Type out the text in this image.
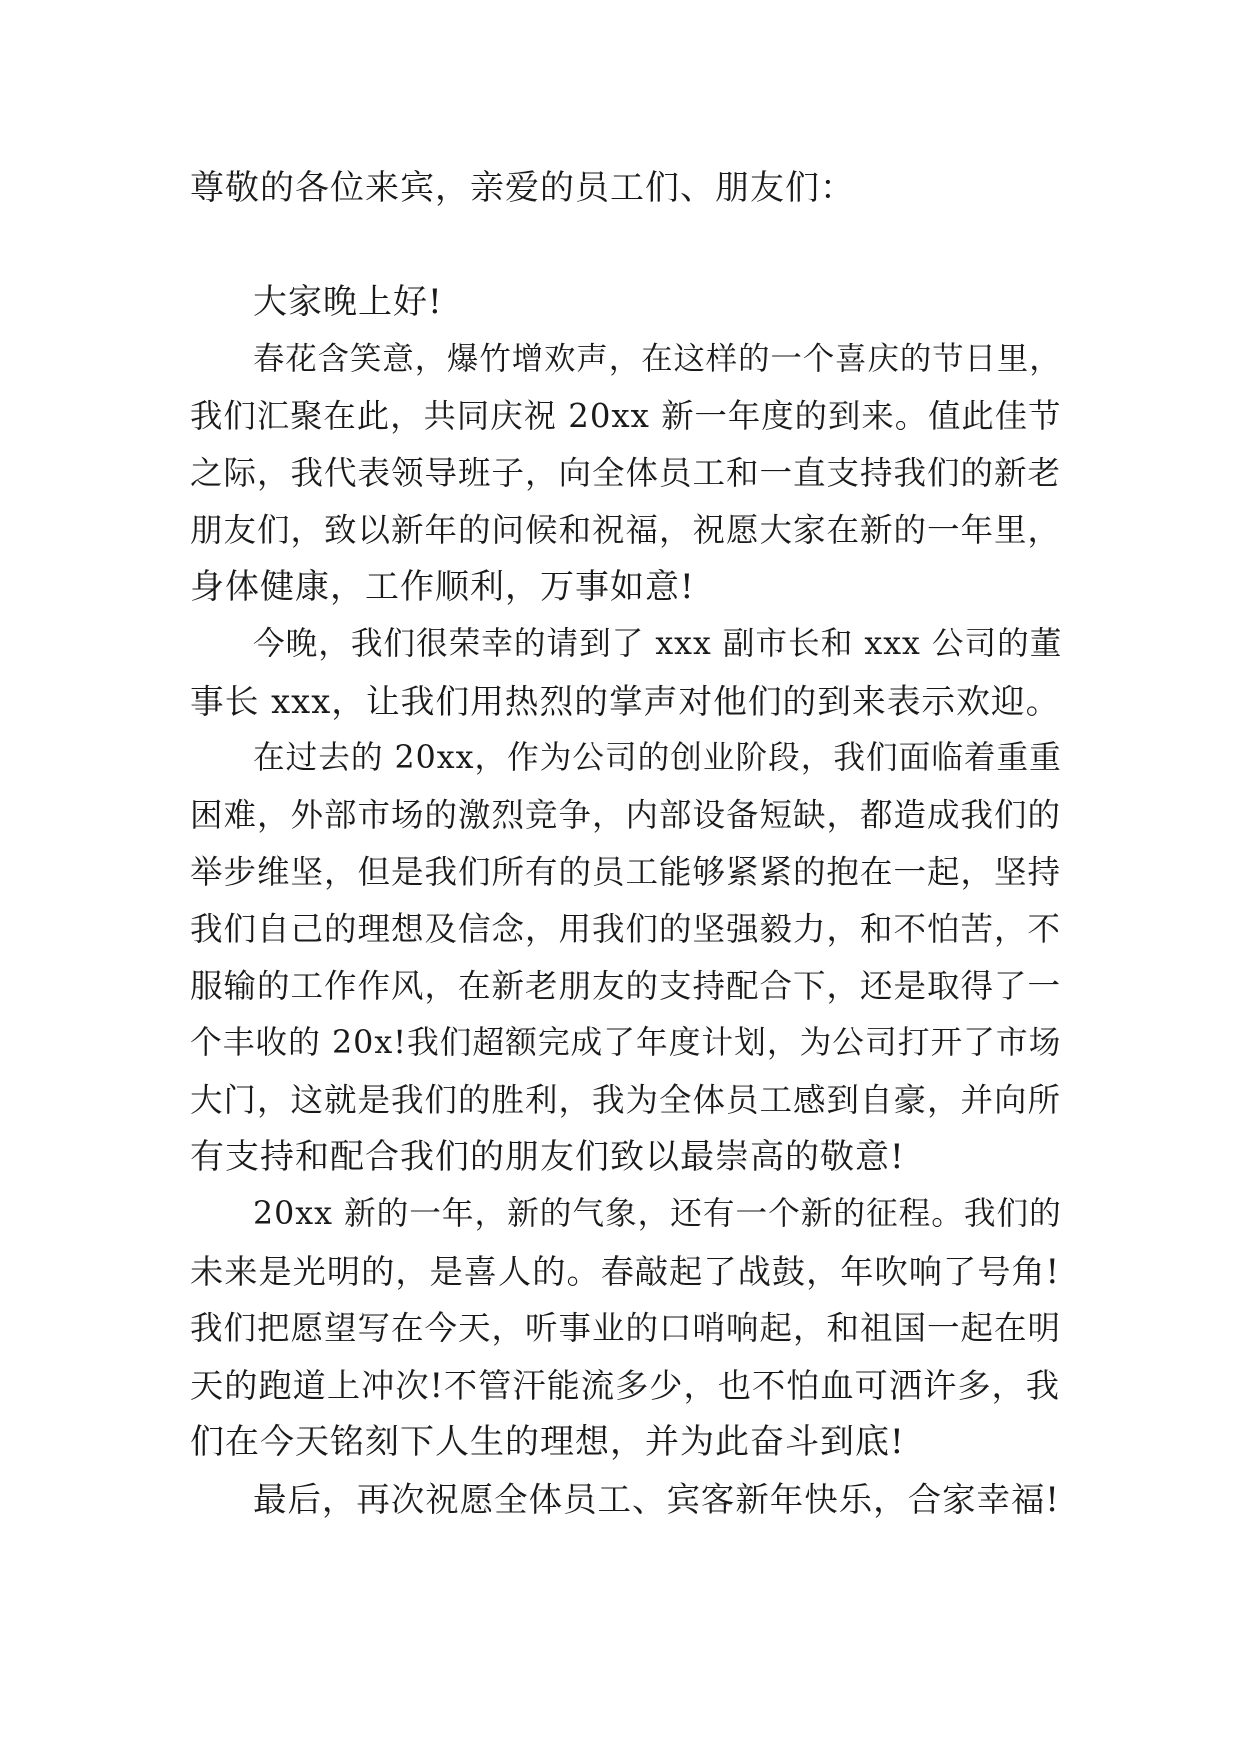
尊敬的各位来宾，亲爱的员工们、朋友们：
大家晚上好!
春花含笑意，爆竹增欢声，在这样的一个喜庆的节日里，
我们汇聚在此，共同庆祝 20xx 新一年度的到来。值此佳节
之际，我代表领导班子，向全体员工和一直支持我们的新老
朋友们，致以新年的问候和祝福，祝愿大家在新的一年里，
身体健康，工作顺利，万事如意!
今晚，我们很荣幸的请到了 xxx 副市长和 xxx 公司的董
事长 xxx，让我们用热烈的掌声对他们的到来表示欢迎。
在过去的 20xx，作为公司的创业阶段，我们面临着重重
困难，外部市场的激烈竞争，内部设备短缺，都造成我们的
举步维坚，但是我们所有的员工能够紧紧的抱在一起，坚持
我们自己的理想及信念，用我们的坚强毅力，和不怕苦，不
服输的工作作风，在新老朋友的支持配合下，还是取得了一
个丰收的 20x!我们超额完成了年度计划，为公司打开了市场
大门，这就是我们的胜利，我为全体员工感到自豪，并向所
有支持和配合我们的朋友们致以最崇高的敬意!
20xx 新的一年，新的气象，还有一个新的征程。我们的
未来是光明的，是喜人的。春敲起了战鼓，年吹响了号角!
我们把愿望写在今天，听事业的口哨响起，和祖国一起在明
天的跑道上冲次!不管汗能流多少，也不怕血可洒许多，我
们在今天铭刻下人生的理想，并为此奋斗到底!
最后，再次祝愿全体员工、宾客新年快乐，合家幸福!
